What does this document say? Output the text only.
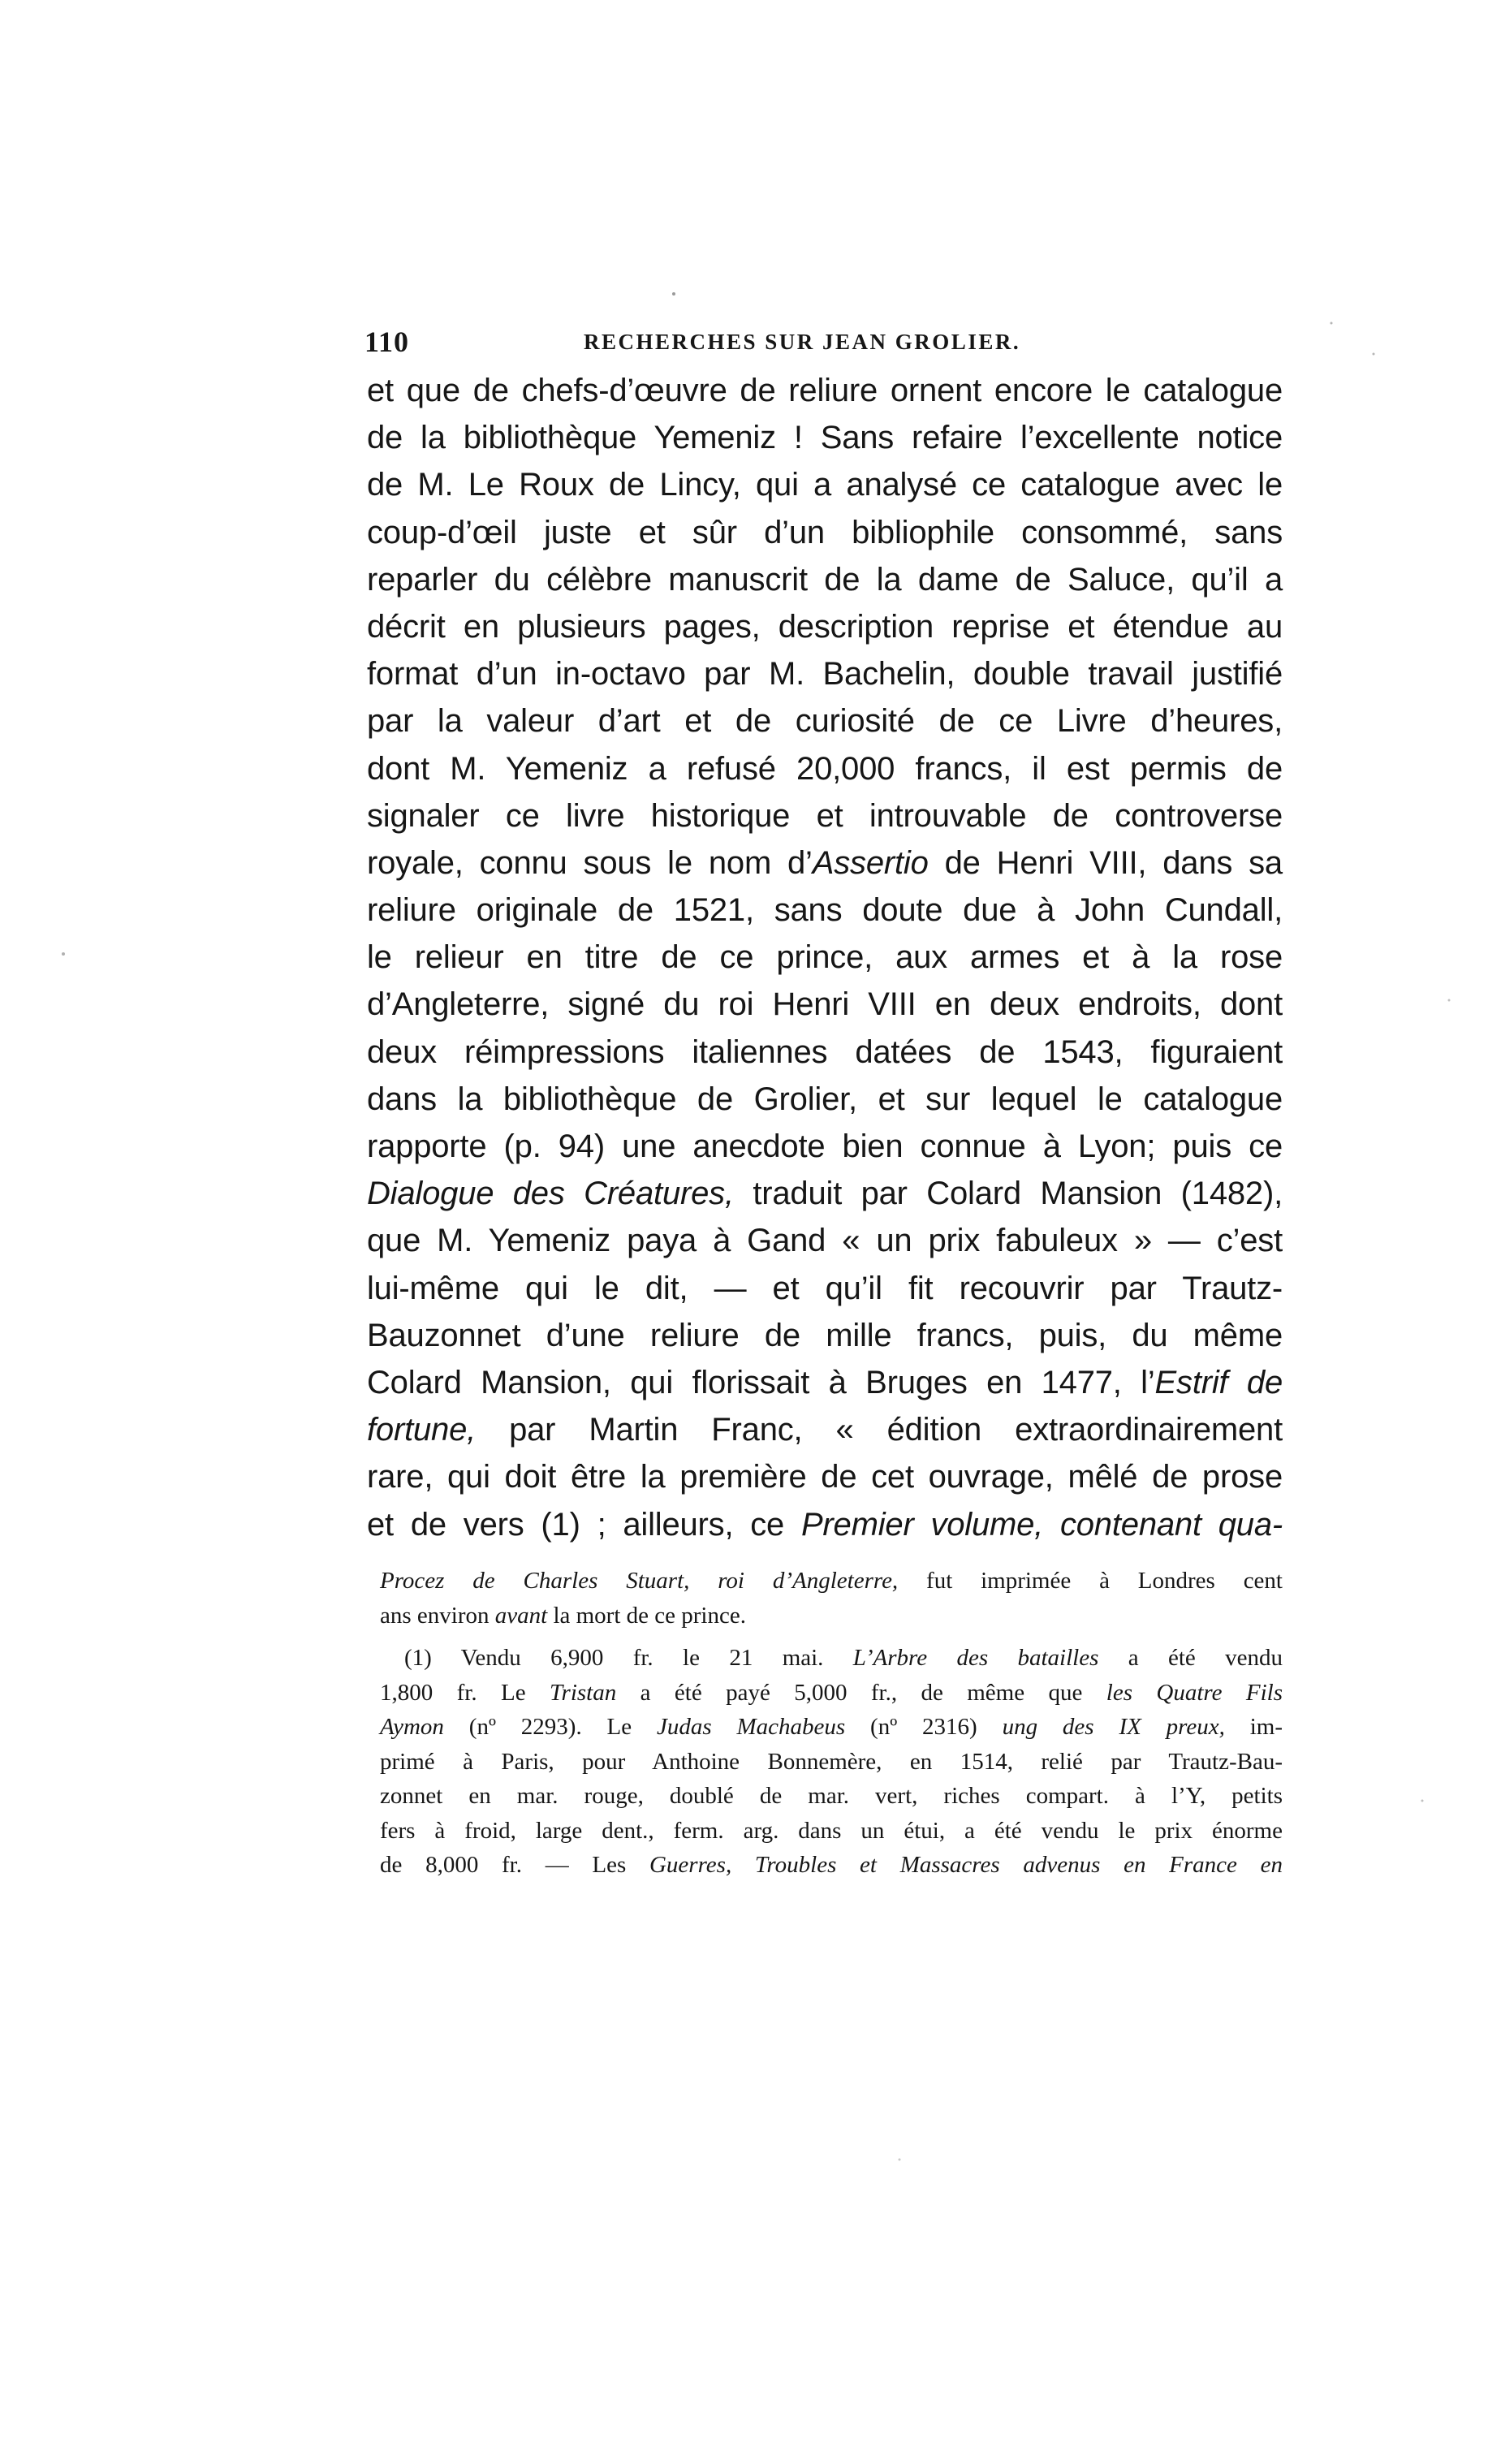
110	RECHERCHES SUR JEAN GROLIER.
et que de chefs-d’œuvre de reliure ornent encore le catalogue
de la bibliothèque Yemeniz ! Sans refaire l’excellente notice
de M. Le Roux de Lincy, qui a analysé ce catalogue avec le
coup-d’œil juste et sûr d’un bibliophile consommé, sans
reparler du célèbre manuscrit de la dame de Saluce, qu’il a
décrit en plusieurs pages, description reprise et étendue au
format d’un in-octavo par M. Bachelin, double travail justifié
par la valeur d’art et de curiosité de ce Livre d’heures,
dont M. Yemeniz a refusé 20,000 francs, il est permis de
signaler ce livre historique et introuvable de controverse
royale, connu sous le nom d’Assertio de Henri VIII, dans sa
reliure originale de 1521, sans doute due à John Cundall,
le relieur en titre de ce prince, aux armes et à la rose
d’Angleterre, signé du roi Henri VIII en deux endroits, dont
deux réimpressions italiennes datées de 1543, figuraient
dans la bibliothèque de Grolier, et sur lequel le catalogue
rapporte (p. 94) une anecdote bien connue à Lyon; puis ce
Dialogue des Créatures, traduit par Colard Mansion (1482),
que M. Yemeniz paya à Gand « un prix fabuleux » — c’est
lui-même qui le dit, — et qu’il fit recouvrir par Trautz-
Bauzonnet d’une reliure de mille francs, puis, du même
Colard Mansion, qui florissait à Bruges en 1477, l’Estrif de
fortune, par Martin Franc, « édition extraordinairement
rare, qui doit être la première de cet ouvrage, mêlé de prose
et de vers (1) ; ailleurs, ce Premier volume, contenant qua-
Procez de Charles Stuart, roi d’Angleterre, fut imprimée à Londres cent
ans environ avant la mort de ce prince.
(1) Vendu 6,900 fr. le 21 mai. L’Arbre des batailles a été vendu
1,800 fr. Le Tristan a été payé 5,000 fr., de même que les Quatre Fils
Aymon (nº 2293). Le Judas Machabeus (nº 2316) ung des IX preux, im-
primé à Paris, pour Anthoine Bonnemère, en 1514, relié par Trautz-Bau-
zonnet en mar. rouge, doublé de mar. vert, riches compart. à l’Y, petits
fers à froid, large dent., ferm. arg. dans un étui, a été vendu le prix énorme
de 8,000 fr. — Les Guerres, Troubles et Massacres advenus en France en
